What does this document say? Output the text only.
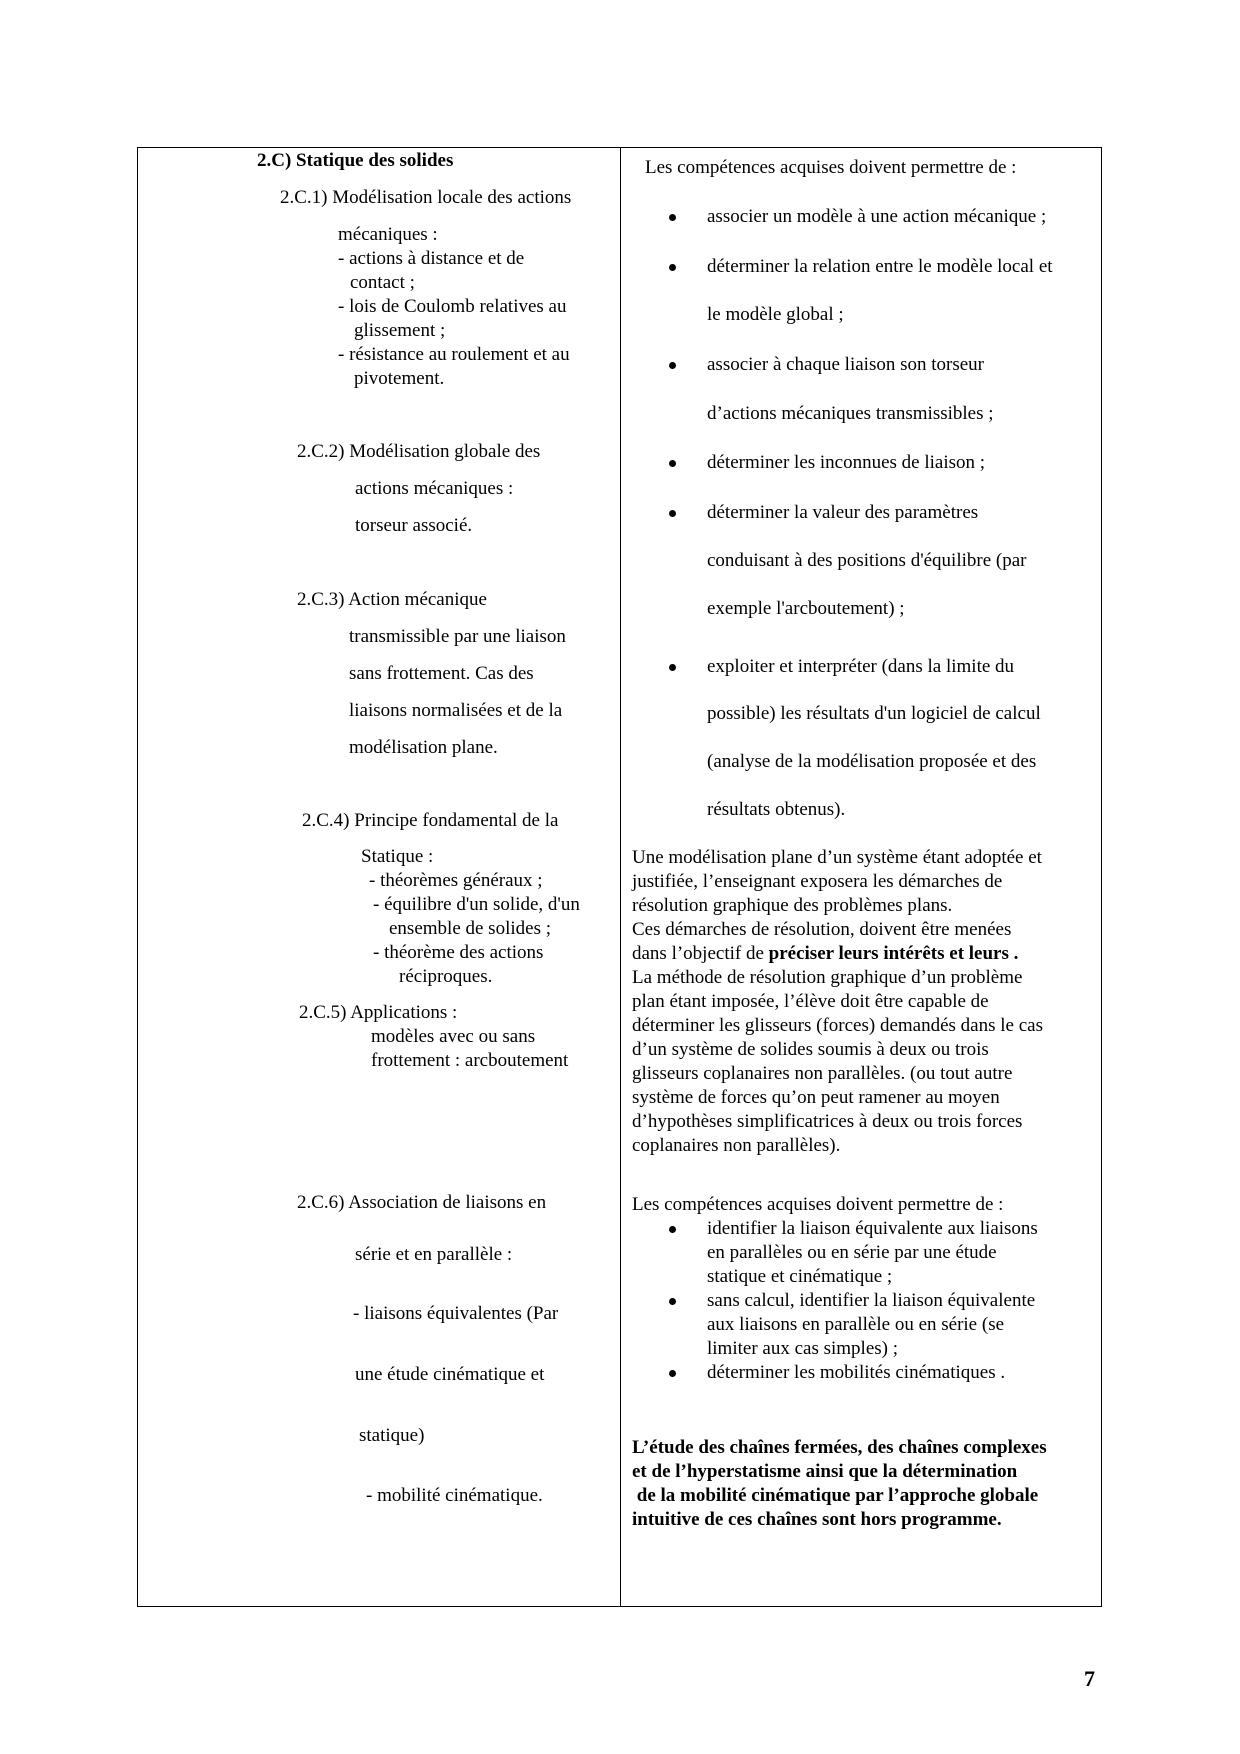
2.C) Statique des solides
2.C.1) Modélisation locale des actions
mécaniques :
- actions à distance et de
contact ;
- lois de Coulomb relatives au
glissement ;
- résistance au roulement et au
pivotement.
2.C.2) Modélisation globale des
actions mécaniques :
torseur associé.
2.C.3) Action mécanique
transmissible par une liaison
sans frottement. Cas des
liaisons normalisées et de la
modélisation plane.
2.C.4) Principe fondamental de la
Statique :
- théorèmes généraux ;
- équilibre d'un solide, d'un
ensemble de solides ;
- théorème des actions
réciproques.
2.C.5) Applications :
modèles avec ou sans
frottement : arcboutement
2.C.6) Association de liaisons en
série et en parallèle :
- liaisons équivalentes (Par
une étude cinématique et
statique)
- mobilité cinématique.
Les compétences acquises doivent permettre de :
associer un modèle à une action mécanique ;
déterminer la relation entre le modèle local et
le modèle global ;
associer à chaque liaison son torseur
d’actions mécaniques transmissibles ;
déterminer les inconnues de liaison ;
déterminer la valeur des paramètres
conduisant à des positions d'équilibre (par
exemple l'arcboutement) ;
exploiter et interpréter (dans la limite du
possible) les résultats d'un logiciel de calcul
(analyse de la modélisation proposée et des
résultats obtenus).
Une modélisation plane d’un système étant adoptée et
justifiée, l’enseignant exposera les démarches de
résolution graphique des problèmes plans.
Ces démarches de résolution, doivent être menées
dans l’objectif de préciser leurs intérêts et leurs .
La méthode de résolution graphique d’un problème
plan étant imposée, l’élève doit être capable de
déterminer les glisseurs (forces) demandés dans le cas
d’un système de solides soumis à deux ou trois
glisseurs coplanaires non parallèles. (ou tout autre
système de forces qu’on peut ramener au moyen
d’hypothèses simplificatrices à deux ou trois forces
coplanaires non parallèles).
Les compétences acquises doivent permettre de :
identifier la liaison équivalente aux liaisons
en parallèles ou en série par une étude
statique et cinématique ;
sans calcul, identifier la liaison équivalente
aux liaisons en parallèle ou en série (se
limiter aux cas simples) ;
déterminer les mobilités cinématiques .
L’étude des chaînes fermées, des chaînes complexes
et de l’hyperstatisme ainsi que la détermination
de la mobilité cinématique par l’approche globale
intuitive de ces chaînes sont hors programme.
7
